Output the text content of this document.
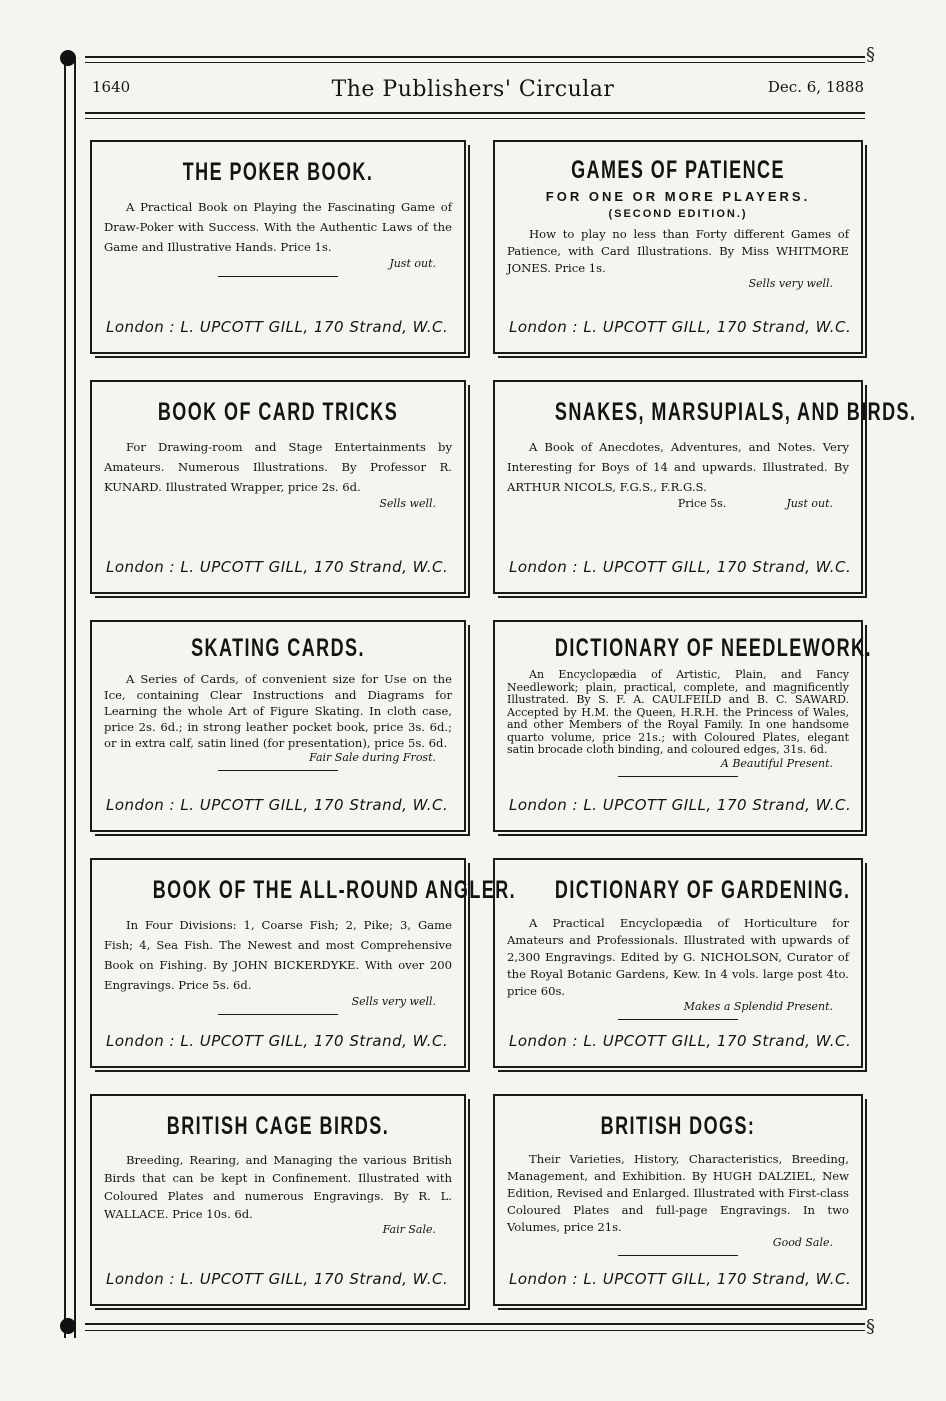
§
§
1640	The Publishers' Circular	Dec. 6, 1888
THE POKER BOOK.
A Practical Book on Playing the Fascinating Game of Draw-Poker with Success. With the Authentic Laws of the Game and Illustrative Hands. Price 1s.
Just out.
London : L. UPCOTT GILL, 170 Strand, W.C.
GAMES OF PATIENCE
FOR ONE OR MORE PLAYERS.
(SECOND EDITION.)
How to play no less than Forty different Games of Patience, with Card Illustrations. By Miss WHITMORE JONES. Price 1s.
Sells very well.
London : L. UPCOTT GILL, 170 Strand, W.C.
BOOK OF CARD TRICKS
For Drawing-room and Stage Entertainments by Amateurs. Numerous Illustrations. By Professor R. KUNARD. Illustrated Wrapper, price 2s. 6d.
Sells well.
London : L. UPCOTT GILL, 170 Strand, W.C.
SNAKES, MARSUPIALS, AND BIRDS.
A Book of Anecdotes, Adventures, and Notes. Very Interesting for Boys of 14 and upwards. Illustrated. By ARTHUR NICOLS, F.G.S., F.R.G.S.
Price 5s.	Just out.
London : L. UPCOTT GILL, 170 Strand, W.C.
SKATING CARDS.
A Series of Cards, of convenient size for Use on the Ice, containing Clear Instructions and Diagrams for Learning the whole Art of Figure Skating. In cloth case, price 2s. 6d.; in strong leather pocket book, price 3s. 6d.; or in extra calf, satin lined (for presentation), price 5s. 6d.
Fair Sale during Frost.
London : L. UPCOTT GILL, 170 Strand, W.C.
DICTIONARY OF NEEDLEWORK.
An Encyclopædia of Artistic, Plain, and Fancy Needlework; plain, practical, complete, and magnificently Illustrated. By S. F. A. CAULFEILD and B. C. SAWARD. Accepted by H.M. the Queen, H.R.H. the Princess of Wales, and other Members of the Royal Family. In one handsome quarto volume, price 21s.; with Coloured Plates, elegant satin brocade cloth binding, and coloured edges, 31s. 6d.
A Beautiful Present.
London : L. UPCOTT GILL, 170 Strand, W.C.
BOOK OF THE ALL-ROUND ANGLER.
In Four Divisions: 1, Coarse Fish; 2, Pike; 3, Game Fish; 4, Sea Fish. The Newest and most Comprehensive Book on Fishing. By JOHN BICKERDYKE. With over 200 Engravings. Price 5s. 6d.
Sells very well.
London : L. UPCOTT GILL, 170 Strand, W.C.
DICTIONARY OF GARDENING.
A Practical Encyclopædia of Horticulture for Amateurs and Professionals. Illustrated with upwards of 2,300 Engravings. Edited by G. NICHOLSON, Curator of the Royal Botanic Gardens, Kew. In 4 vols. large post 4to. price 60s.
Makes a Splendid Present.
London : L. UPCOTT GILL, 170 Strand, W.C.
BRITISH CAGE BIRDS.
Breeding, Rearing, and Managing the various British Birds that can be kept in Confinement. Illustrated with Coloured Plates and numerous Engravings. By R. L. WALLACE. Price 10s. 6d.
Fair Sale.
London : L. UPCOTT GILL, 170 Strand, W.C.
BRITISH DOGS:
Their Varieties, History, Characteristics, Breeding, Management, and Exhibition. By HUGH DALZIEL, New Edition, Revised and Enlarged. Illustrated with First-class Coloured Plates and full-page Engravings. In two Volumes, price 21s.
Good Sale.
London : L. UPCOTT GILL, 170 Strand, W.C.
